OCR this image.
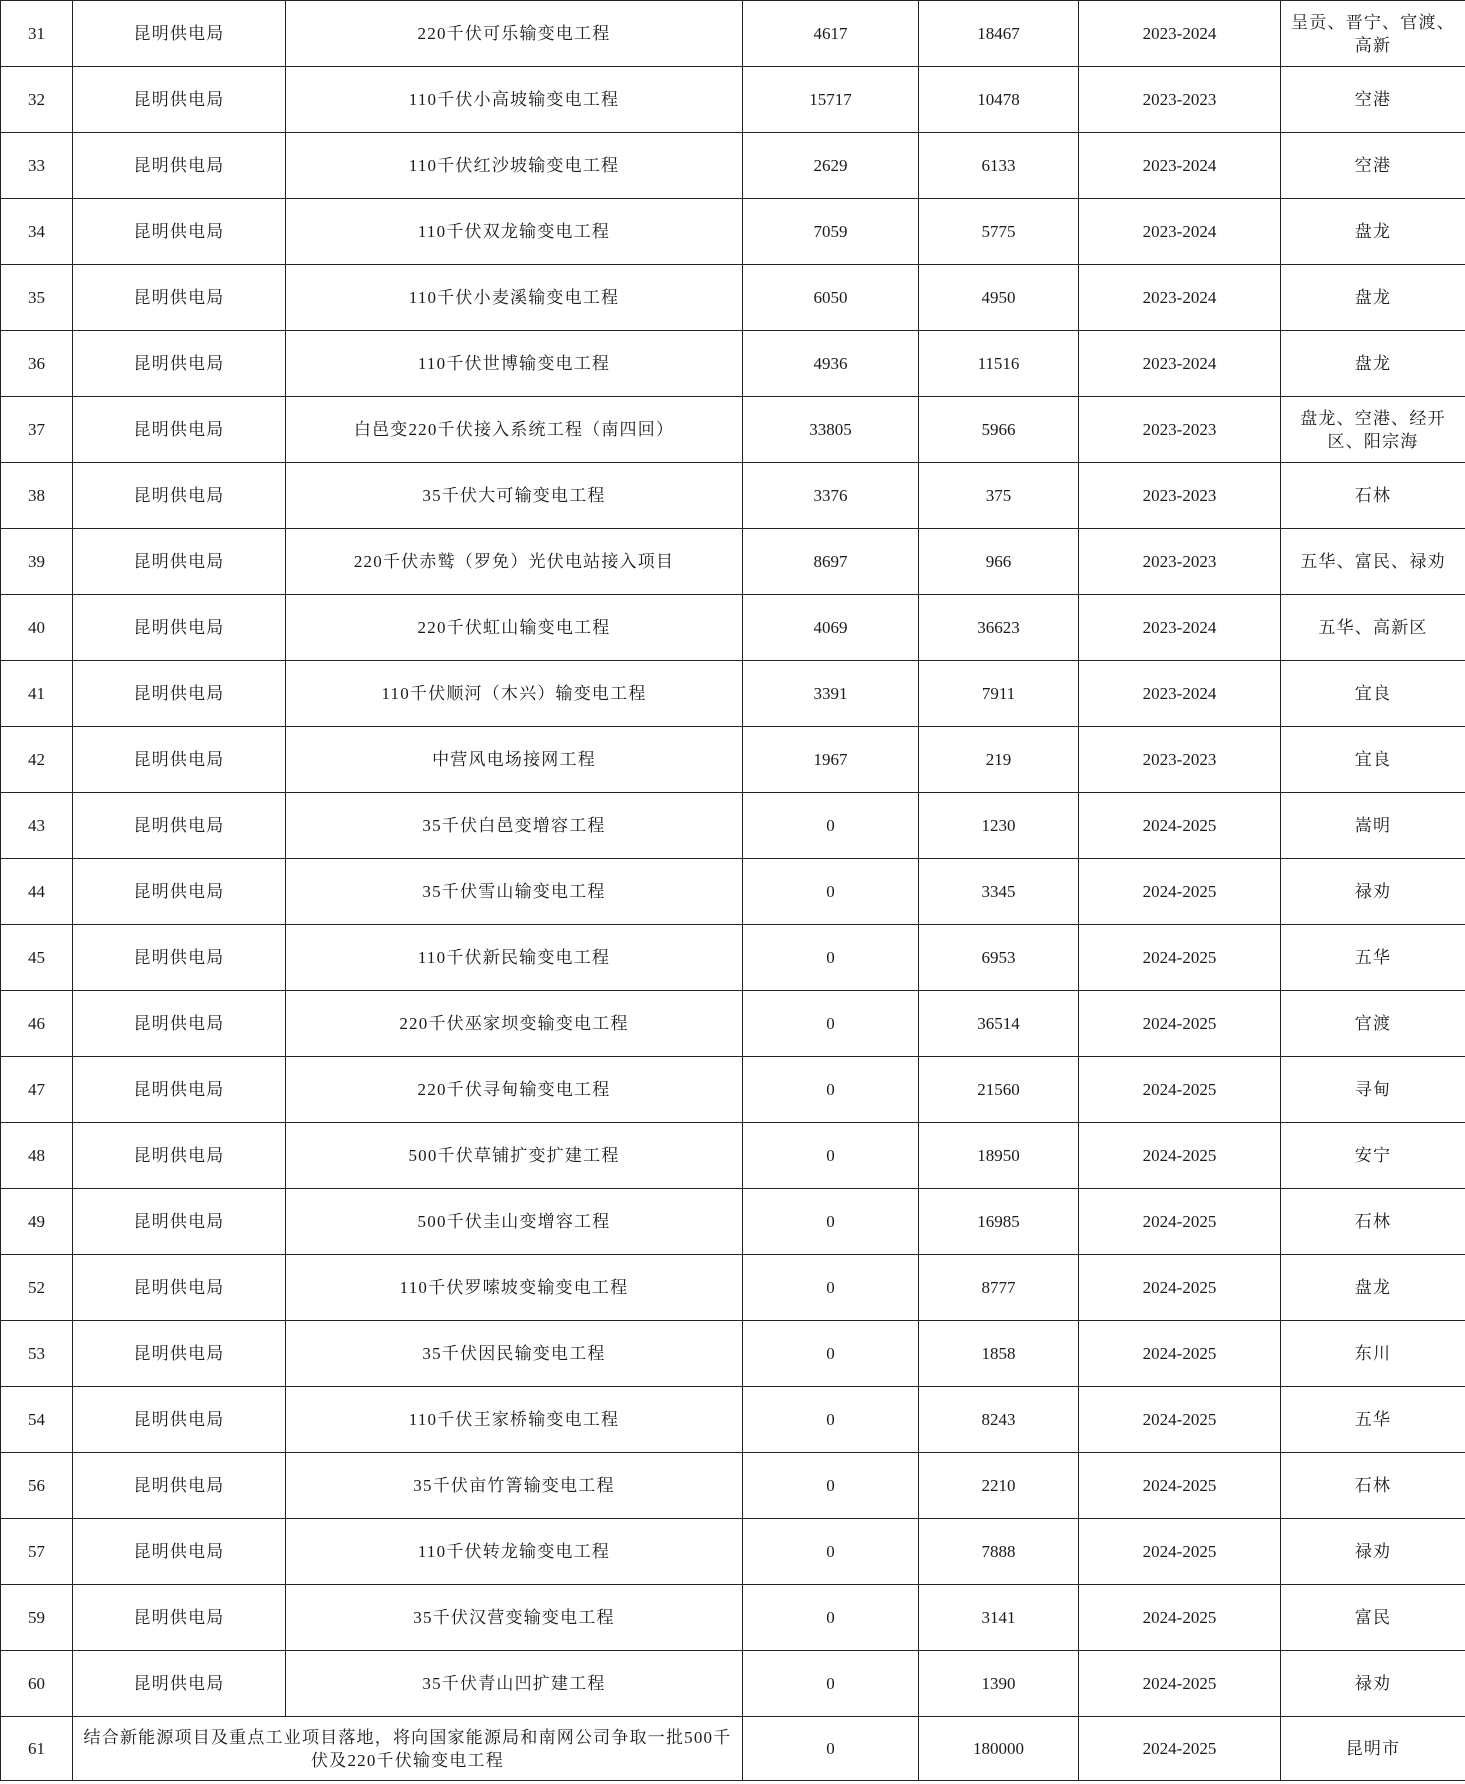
31	昆明供电局	220千伏可乐输变电工程	4617	18467	2023-2024	呈贡、晋宁、官渡、高新
32	昆明供电局	110千伏小高坡输变电工程	15717	10478	2023-2023	空港
33	昆明供电局	110千伏红沙坡输变电工程	2629	6133	2023-2024	空港
34	昆明供电局	110千伏双龙输变电工程	7059	5775	2023-2024	盘龙
35	昆明供电局	110千伏小麦溪输变电工程	6050	4950	2023-2024	盘龙
36	昆明供电局	110千伏世博输变电工程	4936	11516	2023-2024	盘龙
37	昆明供电局	白邑变220千伏接入系统工程（南四回）	33805	5966	2023-2023	盘龙、空港、经开区、阳宗海
38	昆明供电局	35千伏大可输变电工程	3376	375	2023-2023	石林
39	昆明供电局	220千伏赤鹫（罗免）光伏电站接入项目	8697	966	2023-2023	五华、富民、禄劝
40	昆明供电局	220千伏虹山输变电工程	4069	36623	2023-2024	五华、高新区
41	昆明供电局	110千伏顺河（木兴）输变电工程	3391	7911	2023-2024	宜良
42	昆明供电局	中营风电场接网工程	1967	219	2023-2023	宜良
43	昆明供电局	35千伏白邑变增容工程	0	1230	2024-2025	嵩明
44	昆明供电局	35千伏雪山输变电工程	0	3345	2024-2025	禄劝
45	昆明供电局	110千伏新民输变电工程	0	6953	2024-2025	五华
46	昆明供电局	220千伏巫家坝变输变电工程	0	36514	2024-2025	官渡
47	昆明供电局	220千伏寻甸输变电工程	0	21560	2024-2025	寻甸
48	昆明供电局	500千伏草铺扩变扩建工程	0	18950	2024-2025	安宁
49	昆明供电局	500千伏圭山变增容工程	0	16985	2024-2025	石林
52	昆明供电局	110千伏罗嗦坡变输变电工程	0	8777	2024-2025	盘龙
53	昆明供电局	35千伏因民输变电工程	0	1858	2024-2025	东川
54	昆明供电局	110千伏王家桥输变电工程	0	8243	2024-2025	五华
56	昆明供电局	35千伏亩竹箐输变电工程	0	2210	2024-2025	石林
57	昆明供电局	110千伏转龙输变电工程	0	7888	2024-2025	禄劝
59	昆明供电局	35千伏汉营变输变电工程	0	3141	2024-2025	富民
60	昆明供电局	35千伏青山凹扩建工程	0	1390	2024-2025	禄劝
61	结合新能源项目及重点工业项目落地，将向国家能源局和南网公司争取一批500千伏及220千伏输变电工程		0	180000	2024-2025	昆明市
